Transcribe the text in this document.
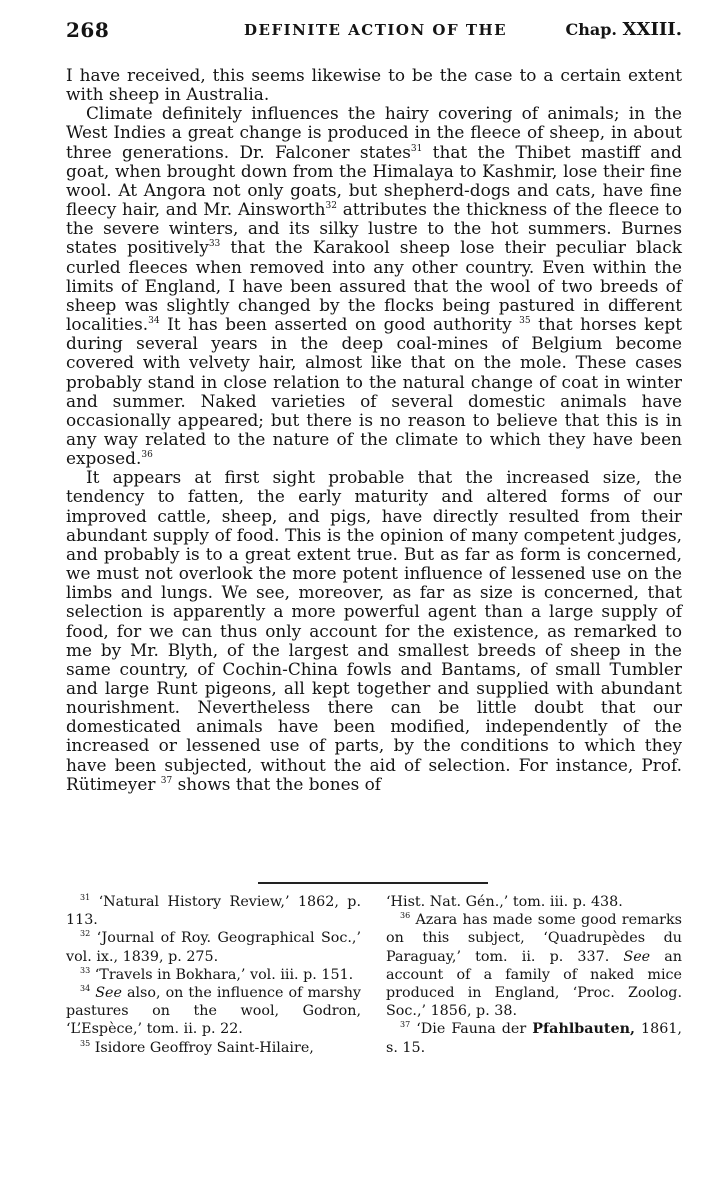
268	DEFINITE ACTION OF THE	Chap. XXIII.

I have received, this seems likewise to be the case to a certain extent with sheep in Australia.

Climate definitely influences the hairy covering of animals; in the West Indies a great change is produced in the fleece of sheep, in about three generations. Dr. Falconer states$^{31}$ that the Thibet mastiff and goat, when brought down from the Himalaya to Kashmir, lose their fine wool. At Angora not only goats, but shepherd-dogs and cats, have fine fleecy hair, and Mr. Ainsworth$^{32}$ attributes the thickness of the fleece to the severe winters, and its silky lustre to the hot summers. Burnes states positively$^{33}$ that the Karakool sheep lose their peculiar black curled fleeces when removed into any other country. Even within the limits of England, I have been assured that the wool of two breeds of sheep was slightly changed by the flocks being pastured in different localities.$^{34}$ It has been asserted on good authority $^{35}$ that horses kept during several years in the deep coal-mines of Belgium become covered with velvety hair, almost like that on the mole. These cases probably stand in close relation to the natural change of coat in winter and summer. Naked varieties of several domestic animals have occasionally appeared; but there is no reason to believe that this is in any way related to the nature of the climate to which they have been exposed.$^{36}$

It appears at first sight probable that the increased size, the tendency to fatten, the early maturity and altered forms of our improved cattle, sheep, and pigs, have directly resulted from their abundant supply of food. This is the opinion of many competent judges, and probably is to a great extent true. But as far as form is concerned, we must not overlook the more potent influence of lessened use on the limbs and lungs. We see, moreover, as far as size is concerned, that selection is apparently a more powerful agent than a large supply of food, for we can thus only account for the existence, as remarked to me by Mr. Blyth, of the largest and smallest breeds of sheep in the same country, of Cochin-China fowls and Bantams, of small Tumbler and large Runt pigeons, all kept together and supplied with abundant nourishment. Nevertheless there can be little doubt that our domesticated animals have been modified, independently of the increased or lessened use of parts, by the conditions to which they have been subjected, without the aid of selection. For instance, Prof. Rütimeyer $^{37}$ shows that the bones of

$^{31}$ ‘Natural History Review,’ 1862, p. 113.

$^{32}$ ‘Journal of Roy. Geographical Soc.,’ vol. ix., 1839, p. 275.

$^{33}$ ‘Travels in Bokhara,’ vol. iii. p. 151.

$^{34}$ See also, on the influence of marshy pastures on the wool, Godron, ‘L’Espèce,’ tom. ii. p. 22.

$^{35}$ Isidore Geoffroy Saint-Hilaire,

‘Hist. Nat. Gén.,’ tom. iii. p. 438.

$^{36}$ Azara has made some good remarks on this subject, ‘Quadrupèdes du Paraguay,’ tom. ii. p. 337. See an account of a family of naked mice produced in England, ‘Proc. Zoolog. Soc.,’ 1856, p. 38.

$^{37}$ ‘Die Fauna der Pfahlbauten, 1861, s. 15.
